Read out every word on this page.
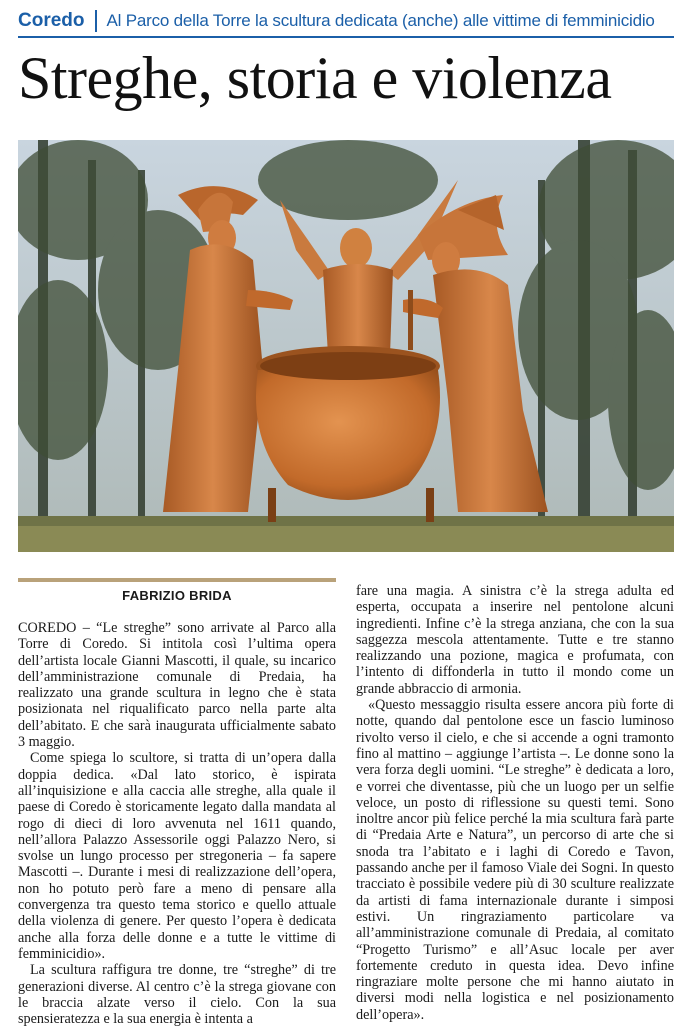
Coredo	Al Parco della Torre la scultura dedicata (anche) alle vittime di femminicidio
Streghe, storia e violenza
FABRIZIO BRIDA

COREDO – “Le streghe” sono arrivate al Parco alla Torre di Coredo. Si intitola così l’ultima opera dell’artista locale Gianni Mascotti, il quale, su incarico dell’amministrazione comunale di Predaia, ha realizzato una grande scultura in legno che è stata posizionata nel riqualificato parco nella parte alta dell’abitato. E che sarà inaugurata ufficialmente sabato 3 maggio.

Come spiega lo scultore, si tratta di un’opera dalla doppia dedica. «Dal lato storico, è ispirata all’inquisizione e alla caccia alle streghe, alla quale il paese di Coredo è storicamente legato dalla mandata al rogo di dieci di loro avvenuta nel 1611 quando, nell’allora Palazzo Assessorile oggi Palazzo Nero, si svolse un lungo processo per stregoneria – fa sapere Mascotti –. Durante i mesi di realizzazione dell’opera, non ho potuto però fare a meno di pensare alla convergenza tra questo tema storico e quello attuale della violenza di genere. Per questo l’opera è dedicata anche alla forza delle donne e a tutte le vittime di femminicidio».

La scultura raffigura tre donne, tre “streghe” di tre generazioni diverse. Al centro c’è la strega giovane con le braccia alzate verso il cielo. Con la sua spensieratezza e la sua energia è intenta a

fare una magia. A sinistra c’è la strega adulta ed esperta, occupata a inserire nel pentolone alcuni ingredienti. Infine c’è la strega anziana, che con la sua saggezza mescola attentamente. Tutte e tre stanno realizzando una pozione, magica e profumata, con l’intento di diffonderla in tutto il mondo come un grande abbraccio di armonia.

«Questo messaggio risulta essere ancora più forte di notte, quando dal pentolone esce un fascio luminoso rivolto verso il cielo, e che si accende a ogni tramonto fino al mattino – aggiunge l’artista –. Le donne sono la vera forza degli uomini. “Le streghe” è dedicata a loro, e vorrei che diventasse, più che un luogo per un selfie veloce, un posto di riflessione su questi temi. Sono inoltre ancor più felice perché la mia scultura farà parte di “Predaia Arte e Natura”, un percorso di arte che si snoda tra l’abitato e i laghi di Coredo e Tavon, passando anche per il famoso Viale dei Sogni. In questo tracciato è possibile vedere più di 30 sculture realizzate da artisti di fama internazionale durante i simposi estivi. Un ringraziamento particolare va all’amministrazione comunale di Predaia, al comitato “Progetto Turismo” e all’Asuc locale per aver fortemente creduto in questa idea. Devo infine ringraziare molte persone che mi hanno aiutato in diversi modi nella logistica e nel posizionamento dell’opera».
